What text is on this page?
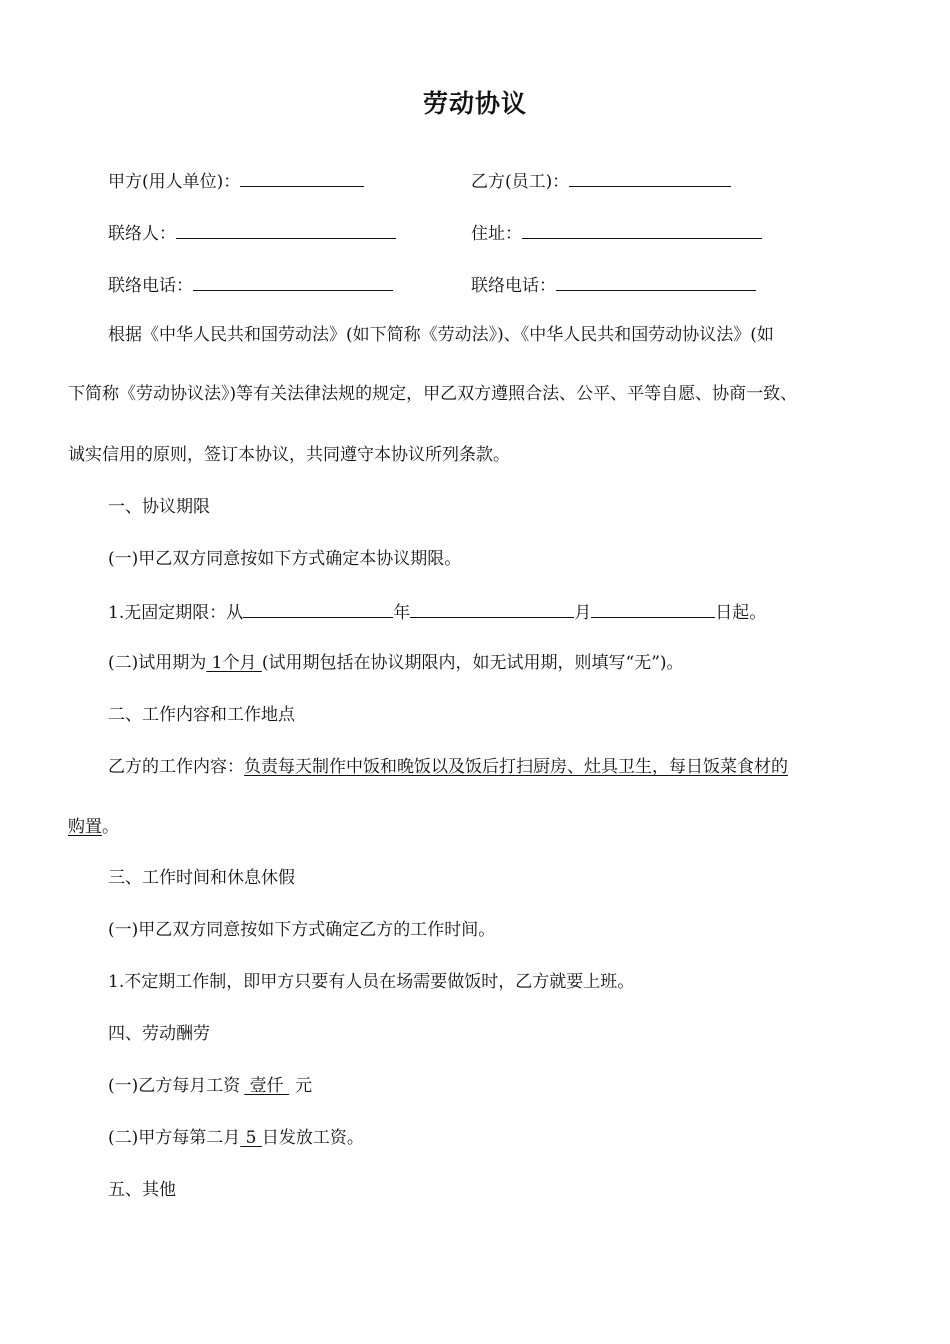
劳动协议
甲方(用人单位)：	乙方(员工)：
联络人：	住址：
联络电话：	联络电话：
根据《中华人民共和国劳动法》(如下简称《劳动法》)、《中华人民共和国劳动协议法》(如
下简称《劳动协议法》)等有关法律法规的规定，甲乙双方遵照合法、公平、平等自愿、协商一致、
诚实信用的原则，签订本协议，共同遵守本协议所列条款。
一、协议期限
(一)甲乙双方同意按如下方式确定本协议期限。
1.无固定期限：从	年	月	日起。
(二)试用期为 1个月 (试用期包括在协议期限内，如无试用期，则填写“无”)。
二、工作内容和工作地点
乙方的工作内容：负责每天制作中饭和晚饭以及饭后打扫厨房、灶具卫生，每日饭菜食材的
购置。
三、工作时间和休息休假
(一)甲乙双方同意按如下方式确定乙方的工作时间。
1.不定期工作制，即甲方只要有人员在场需要做饭时，乙方就要上班。
四、劳动酬劳
(一)乙方每月工资 壹仟 元
(二)甲方每第二月 5 日发放工资。
五、其他
